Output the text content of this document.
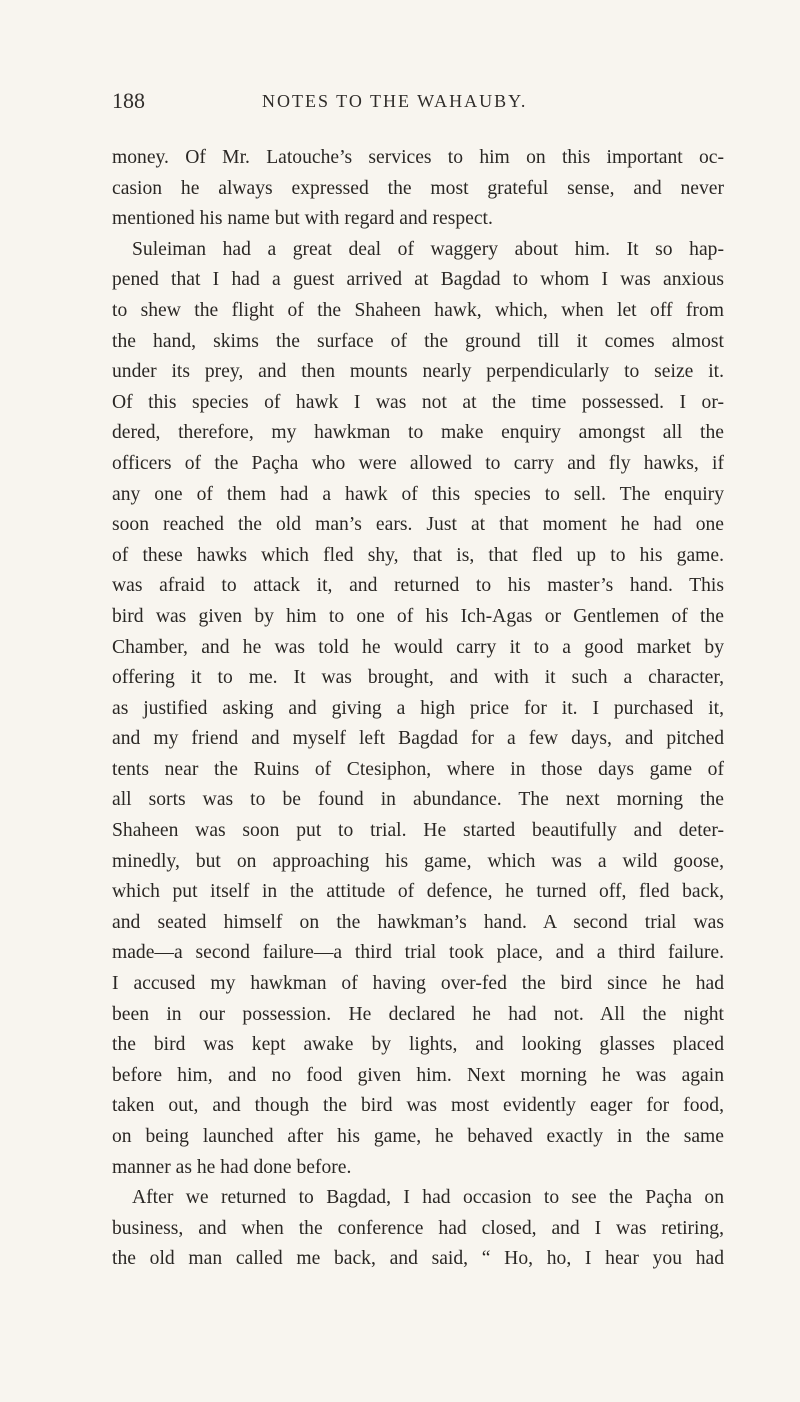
188	NOTES TO THE WAHAUBY.
money. Of Mr. Latouche’s services to him on this important oc-
casion he always expressed the most grateful sense, and never
mentioned his name but with regard and respect.
Suleiman had a great deal of waggery about him. It so hap-
pened that I had a guest arrived at Bagdad to whom I was anxious
to shew the flight of the Shaheen hawk, which, when let off from
the hand, skims the surface of the ground till it comes almost
under its prey, and then mounts nearly perpendicularly to seize it.
Of this species of hawk I was not at the time possessed. I or-
dered, therefore, my hawkman to make enquiry amongst all the
officers of the Paçha who were allowed to carry and fly hawks, if
any one of them had a hawk of this species to sell. The enquiry
soon reached the old man’s ears. Just at that moment he had one
of these hawks which fled shy, that is, that fled up to his game.
was afraid to attack it, and returned to his master’s hand. This
bird was given by him to one of his Ich-Agas or Gentlemen of the
Chamber, and he was told he would carry it to a good market by
offering it to me. It was brought, and with it such a character,
as justified asking and giving a high price for it. I purchased it,
and my friend and myself left Bagdad for a few days, and pitched
tents near the Ruins of Ctesiphon, where in those days game of
all sorts was to be found in abundance. The next morning the
Shaheen was soon put to trial. He started beautifully and deter-
minedly, but on approaching his game, which was a wild goose,
which put itself in the attitude of defence, he turned off, fled back,
and seated himself on the hawkman’s hand. A second trial was
made—a second failure—a third trial took place, and a third failure.
I accused my hawkman of having over-fed the bird since he had
been in our possession. He declared he had not. All the night
the bird was kept awake by lights, and looking glasses placed
before him, and no food given him. Next morning he was again
taken out, and though the bird was most evidently eager for food,
on being launched after his game, he behaved exactly in the same
manner as he had done before.
After we returned to Bagdad, I had occasion to see the Paçha on
business, and when the conference had closed, and I was retiring,
the old man called me back, and said, “ Ho, ho, I hear you had
